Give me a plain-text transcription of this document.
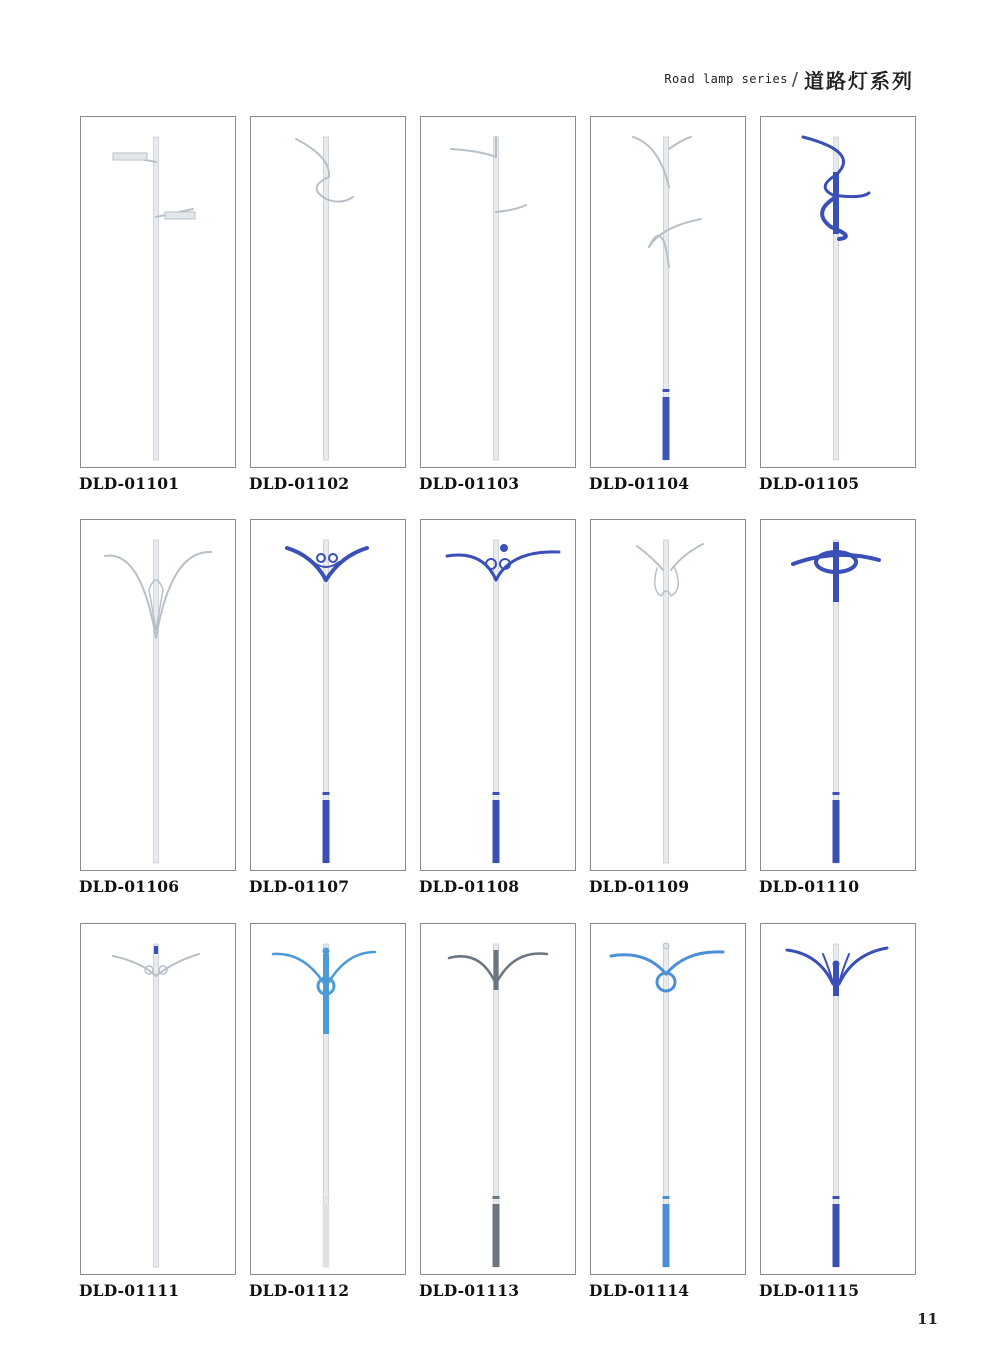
Road lamp series / 道路灯系列
DLD-01101	DLD-01102	DLD-01103	DLD-01104	DLD-01105
DLD-01106	DLD-01107	DLD-01108	DLD-01109	DLD-01110
DLD-01111	DLD-01112	DLD-01113	DLD-01114	DLD-01115
11
